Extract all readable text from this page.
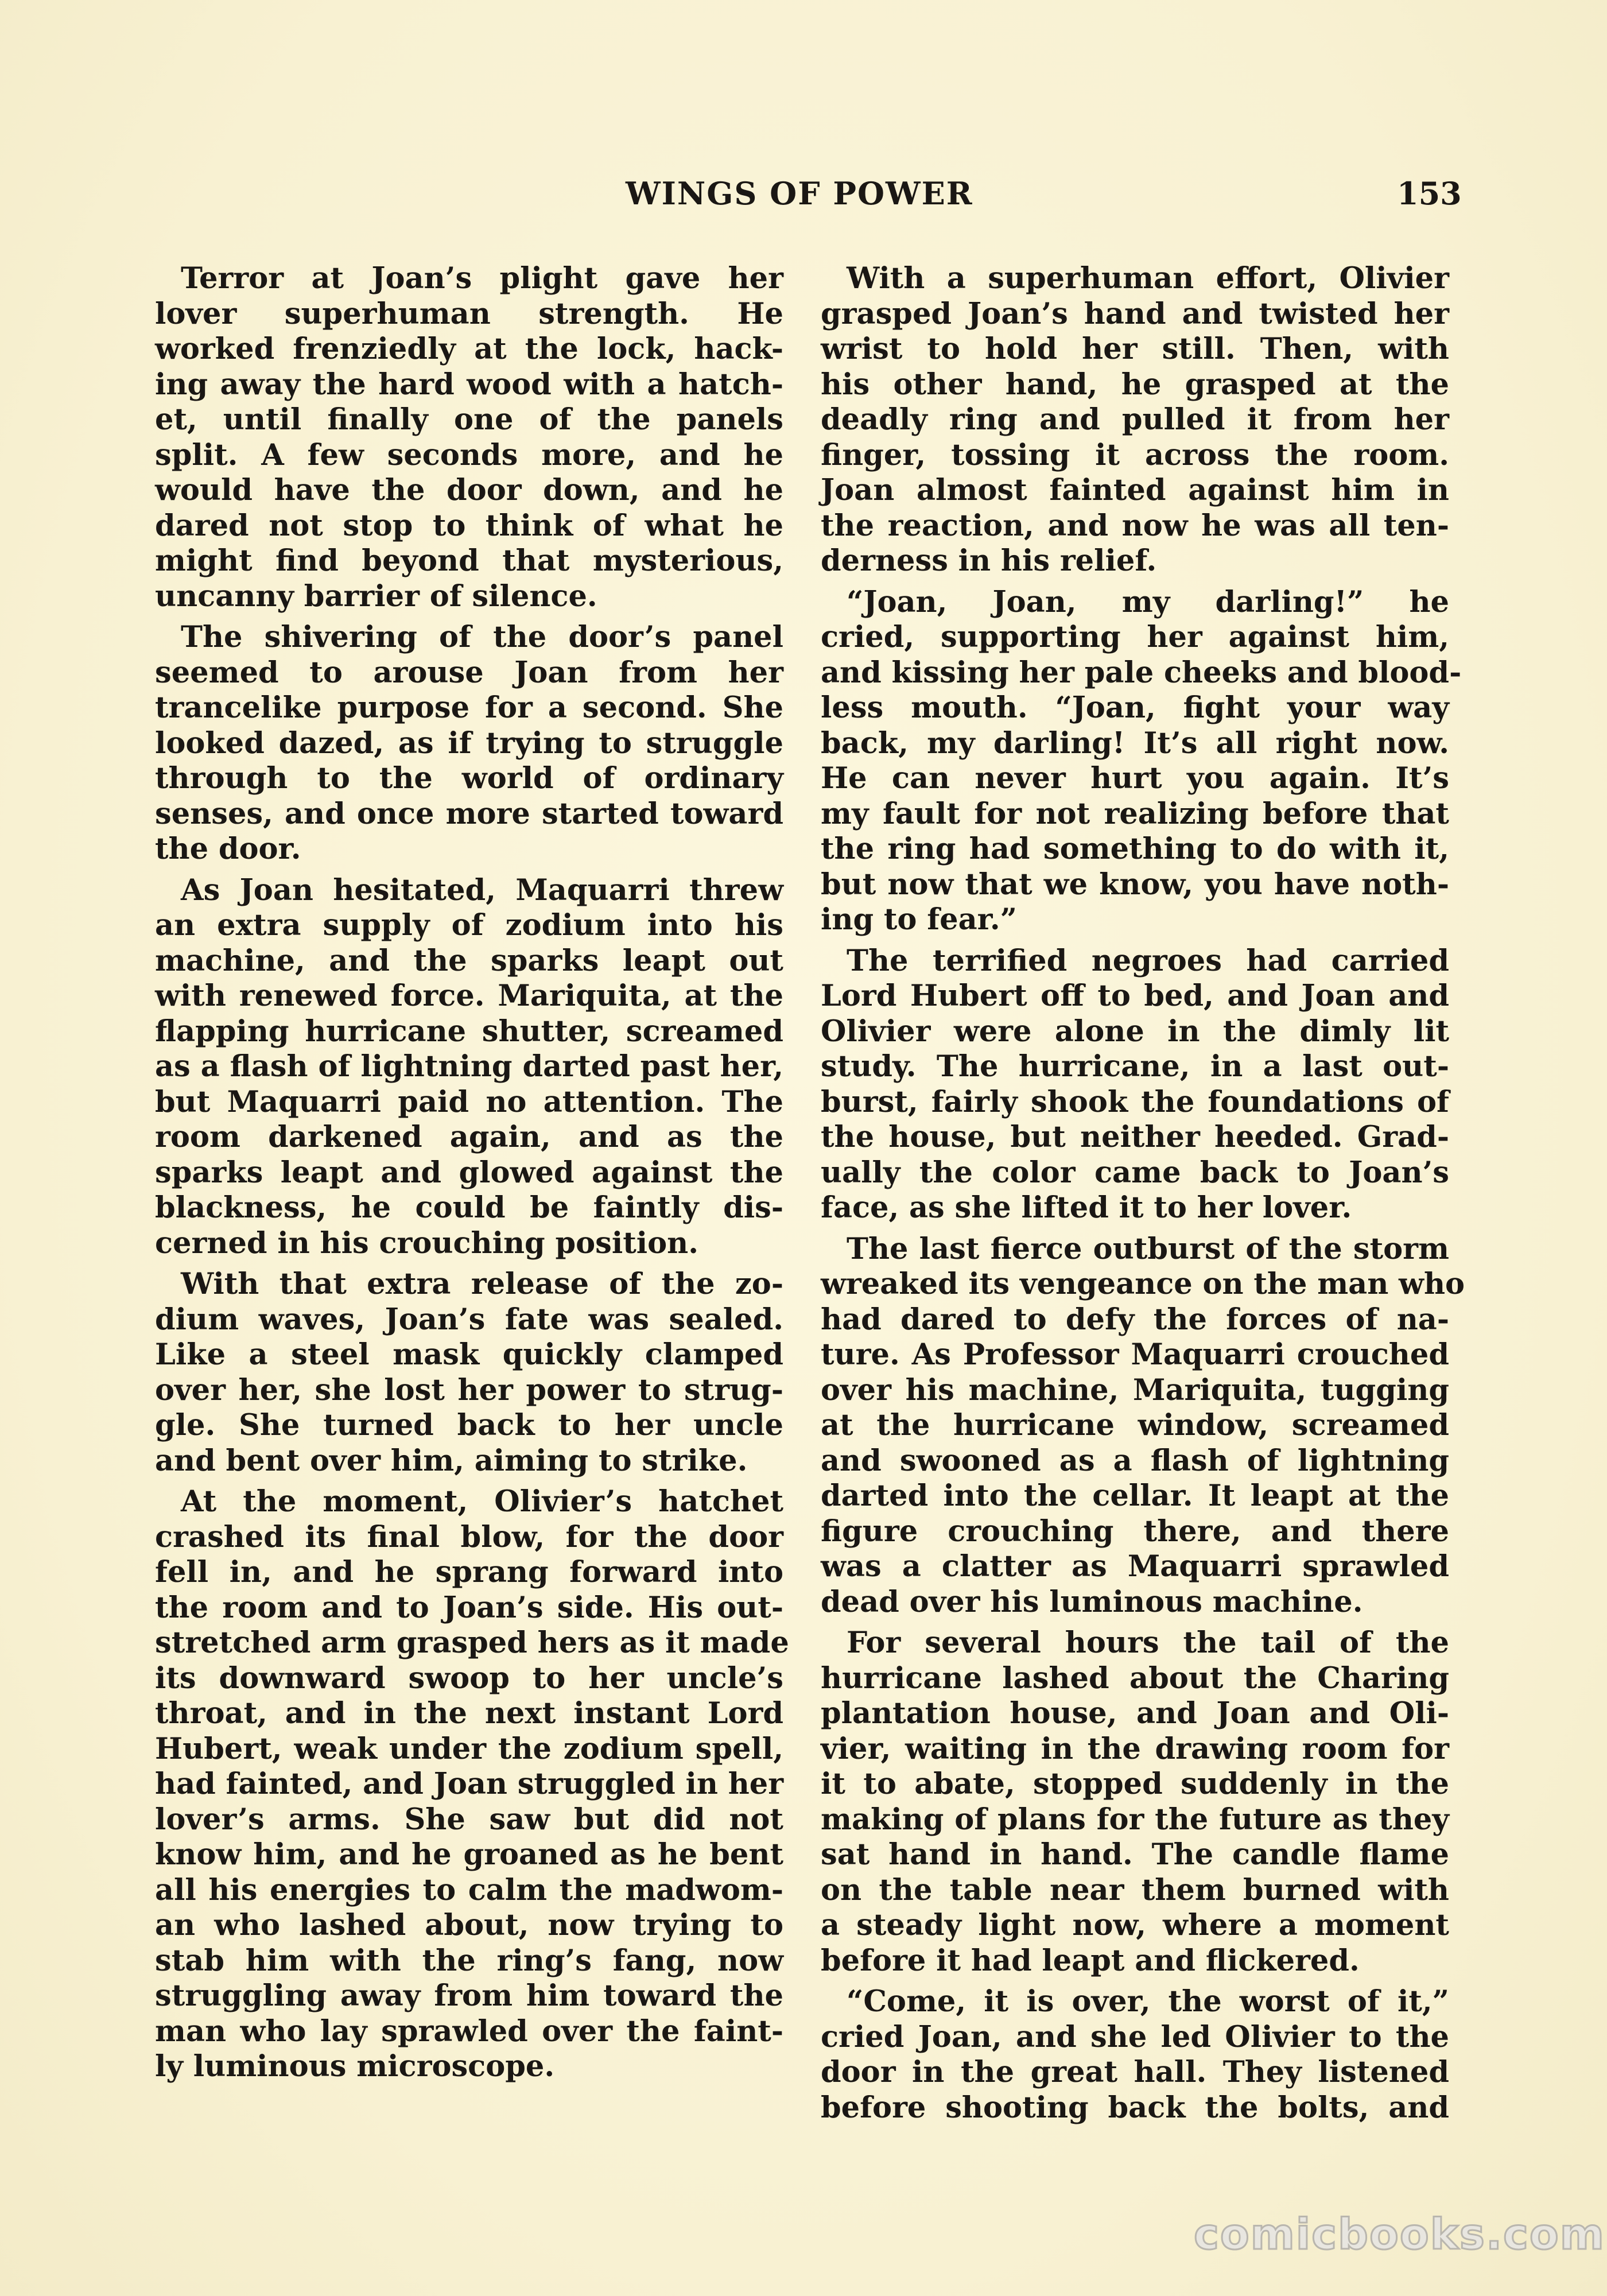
WINGS OF POWER	153
Terror at Joan’s plight gave her
lover superhuman strength. He
worked frenziedly at the lock, hack-
ing away the hard wood with a hatch-
et, until finally one of the panels
split. A few seconds more, and he
would have the door down, and he
dared not stop to think of what he
might find beyond that mysterious,
uncanny barrier of silence.
The shivering of the door’s panel
seemed to arouse Joan from her
trancelike purpose for a second. She
looked dazed, as if trying to struggle
through to the world of ordinary
senses, and once more started toward
the door.
As Joan hesitated, Maquarri threw
an extra supply of zodium into his
machine, and the sparks leapt out
with renewed force. Mariquita, at the
flapping hurricane shutter, screamed
as a flash of lightning darted past her,
but Maquarri paid no attention. The
room darkened again, and as the
sparks leapt and glowed against the
blackness, he could be faintly dis-
cerned in his crouching position.
With that extra release of the zo-
dium waves, Joan’s fate was sealed.
Like a steel mask quickly clamped
over her, she lost her power to strug-
gle. She turned back to her uncle
and bent over him, aiming to strike.
At the moment, Olivier’s hatchet
crashed its final blow, for the door
fell in, and he sprang forward into
the room and to Joan’s side. His out-
stretched arm grasped hers as it made
its downward swoop to her uncle’s
throat, and in the next instant Lord
Hubert, weak under the zodium spell,
had fainted, and Joan struggled in her
lover’s arms. She saw but did not
know him, and he groaned as he bent
all his energies to calm the madwom-
an who lashed about, now trying to
stab him with the ring’s fang, now
struggling away from him toward the
man who lay sprawled over the faint-
ly luminous microscope.
With a superhuman effort, Olivier
grasped Joan’s hand and twisted her
wrist to hold her still. Then, with
his other hand, he grasped at the
deadly ring and pulled it from her
finger, tossing it across the room.
Joan almost fainted against him in
the reaction, and now he was all ten-
derness in his relief.
“Joan, Joan, my darling!” he
cried, supporting her against him,
and kissing her pale cheeks and blood-
less mouth. “Joan, fight your way
back, my darling! It’s all right now.
He can never hurt you again. It’s
my fault for not realizing before that
the ring had something to do with it,
but now that we know, you have noth-
ing to fear.”
The terrified negroes had carried
Lord Hubert off to bed, and Joan and
Olivier were alone in the dimly lit
study. The hurricane, in a last out-
burst, fairly shook the foundations of
the house, but neither heeded. Grad-
ually the color came back to Joan’s
face, as she lifted it to her lover.
The last fierce outburst of the storm
wreaked its vengeance on the man who
had dared to defy the forces of na-
ture. As Professor Maquarri crouched
over his machine, Mariquita, tugging
at the hurricane window, screamed
and swooned as a flash of lightning
darted into the cellar. It leapt at the
figure crouching there, and there
was a clatter as Maquarri sprawled
dead over his luminous machine.
For several hours the tail of the
hurricane lashed about the Charing
plantation house, and Joan and Oli-
vier, waiting in the drawing room for
it to abate, stopped suddenly in the
making of plans for the future as they
sat hand in hand. The candle flame
on the table near them burned with
a steady light now, where a moment
before it had leapt and flickered.
“Come, it is over, the worst of it,”
cried Joan, and she led Olivier to the
door in the great hall. They listened
before shooting back the bolts, and
comicbooks.com
